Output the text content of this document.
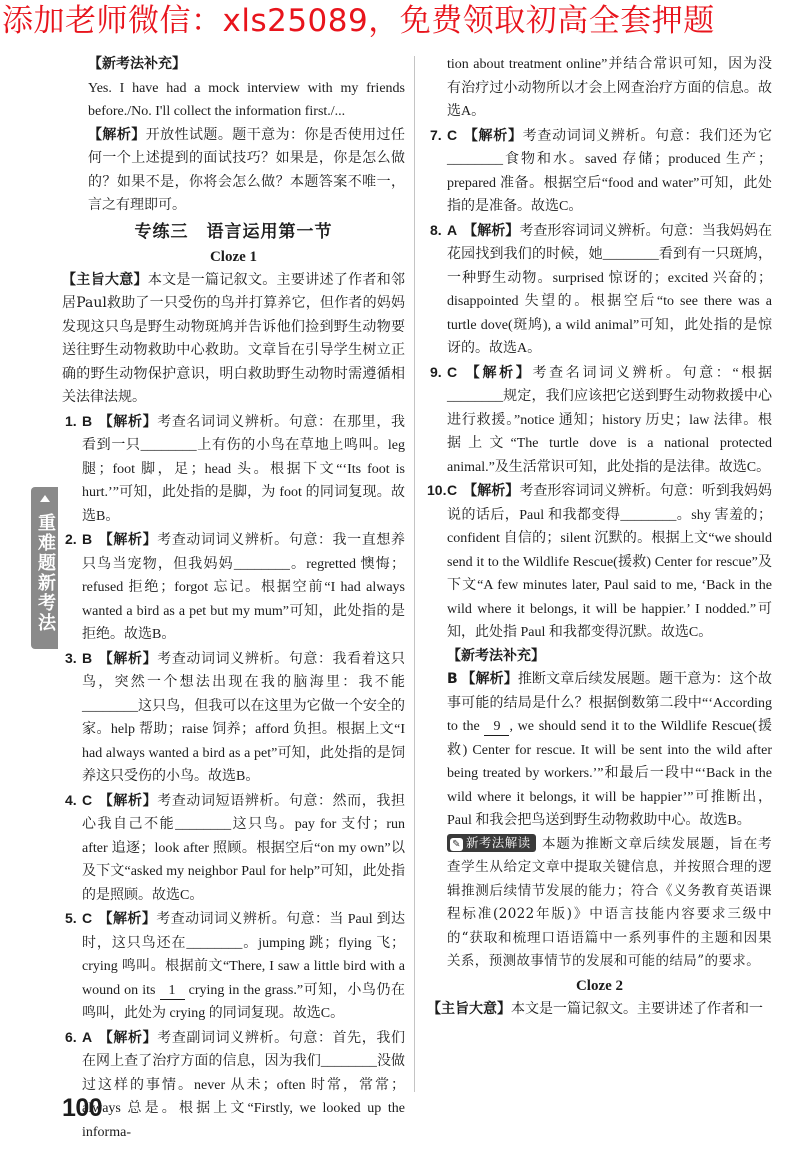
添加老师微信：xls25089，免费领取初高全套押题
重难题新考法
【新考法补充】
Yes. I have had a mock interview with my friends before./No. I'll collect the information first./...
【解析】开放性试题。题干意为：你是否使用过任何一个上述提到的面试技巧？如果是，你是怎么做的？如果不是，你将会怎么做？本题答案不唯一，言之有理即可。
专练三　语言运用第一节
Cloze 1
【主旨大意】本文是一篇记叙文。主要讲述了作者和邻居Paul救助了一只受伤的鸟并打算养它，但作者的妈妈发现这只鸟是野生动物斑鸠并告诉他们捡到野生动物要送往野生动物救助中心救助。文章旨在引导学生树立正确的野生动物保护意识，明白救助野生动物时需遵循相关法律法规。
1. B 【解析】考查名词词义辨析。句意：在那里，我看到一只________上有伤的小鸟在草地上鸣叫。leg 腿；foot 脚，足；head 头。根据下文“‘Its foot is hurt.’”可知，此处指的是脚，为 foot 的同词复现。故选B。
2. B 【解析】考查动词词义辨析。句意：我一直想养只鸟当宠物，但我妈妈________。regretted 懊悔；refused 拒绝；forgot 忘记。根据空前“I had always wanted a bird as a pet but my mum”可知，此处指的是拒绝。故选B。
3. B 【解析】考查动词词义辨析。句意：我看着这只鸟，突然一个想法出现在我的脑海里：我不能________这只鸟，但我可以在这里为它做一个安全的家。help 帮助；raise 饲养；afford 负担。根据上文“I had always wanted a bird as a pet”可知，此处指的是饲养这只受伤的小鸟。故选B。
4. C 【解析】考查动词短语辨析。句意：然而，我担心我自己不能________这只鸟。pay for 支付；run after 追逐；look after 照顾。根据空后“on my own”以及下文“asked my neighbor Paul for help”可知，此处指的是照顾。故选C。
5. C 【解析】考查动词词义辨析。句意：当 Paul 到达时，这只鸟还在________。jumping 跳；flying 飞；crying 鸣叫。根据前文“There, I saw a little bird with a wound on its 1 crying in the grass.”可知，小鸟仍在鸣叫，此处为 crying 的同词复现。故选C。
6. A 【解析】考查副词词义辨析。句意：首先，我们在网上查了治疗方面的信息，因为我们________没做过这样的事情。never 从未；often 时常，常常；always 总是。根据上文“Firstly, we looked up the informa-
tion about treatment online”并结合常识可知，因为没有治疗过小动物所以才会上网查治疗方面的信息。故选A。
7. C 【解析】考查动词词义辨析。句意：我们还为它________食物和水。saved 存储；produced 生产；prepared 准备。根据空后“food and water”可知，此处指的是准备。故选C。
8. A 【解析】考查形容词词义辨析。句意：当我妈妈在花园找到我们的时候，她________看到有一只斑鸠，一种野生动物。surprised 惊讶的；excited 兴奋的；disappointed 失望的。根据空后“to see there was a turtle dove(斑鸠), a wild animal”可知，此处指的是惊讶的。故选A。
9. C 【解析】考查名词词义辨析。句意：“根据________规定，我们应该把它送到野生动物救援中心进行救援。”notice 通知；history 历史；law 法律。根据上文“The turtle dove is a national protected animal.”及生活常识可知，此处指的是法律。故选C。
10. C 【解析】考查形容词词义辨析。句意：听到我妈妈说的话后，Paul 和我都变得________。shy 害羞的；confident 自信的；silent 沉默的。根据上文“we should send it to the Wildlife Rescue(援救) Center for rescue”及下文“A few minutes later, Paul said to me, ‘Back in the wild where it belongs, it will be happier.’ I nodded.”可知，此处指 Paul 和我都变得沉默。故选C。
【新考法补充】
B 【解析】推断文章后续发展题。题干意为：这个故事可能的结局是什么？根据倒数第二段中“‘According to the 9 , we should send it to the Wildlife Rescue(援救) Center for rescue. It will be sent into the wild after being treated by workers.’”和最后一段中“‘Back in the wild where it belongs, it will be happier’”可推断出，Paul 和我会把鸟送到野生动物救助中心。故选B。
✎ 新考法解读 本题为推断文章后续发展题，旨在考查学生从给定文章中提取关键信息，并按照合理的逻辑推测后续情节发展的能力；符合《义务教育英语课程标准(2022年版)》中语言技能内容要求三级中的“获取和梳理口语语篇中一系列事件的主题和因果关系，预测故事情节的发展和可能的结局”的要求。
Cloze 2
【主旨大意】本文是一篇记叙文。主要讲述了作者和一
100
